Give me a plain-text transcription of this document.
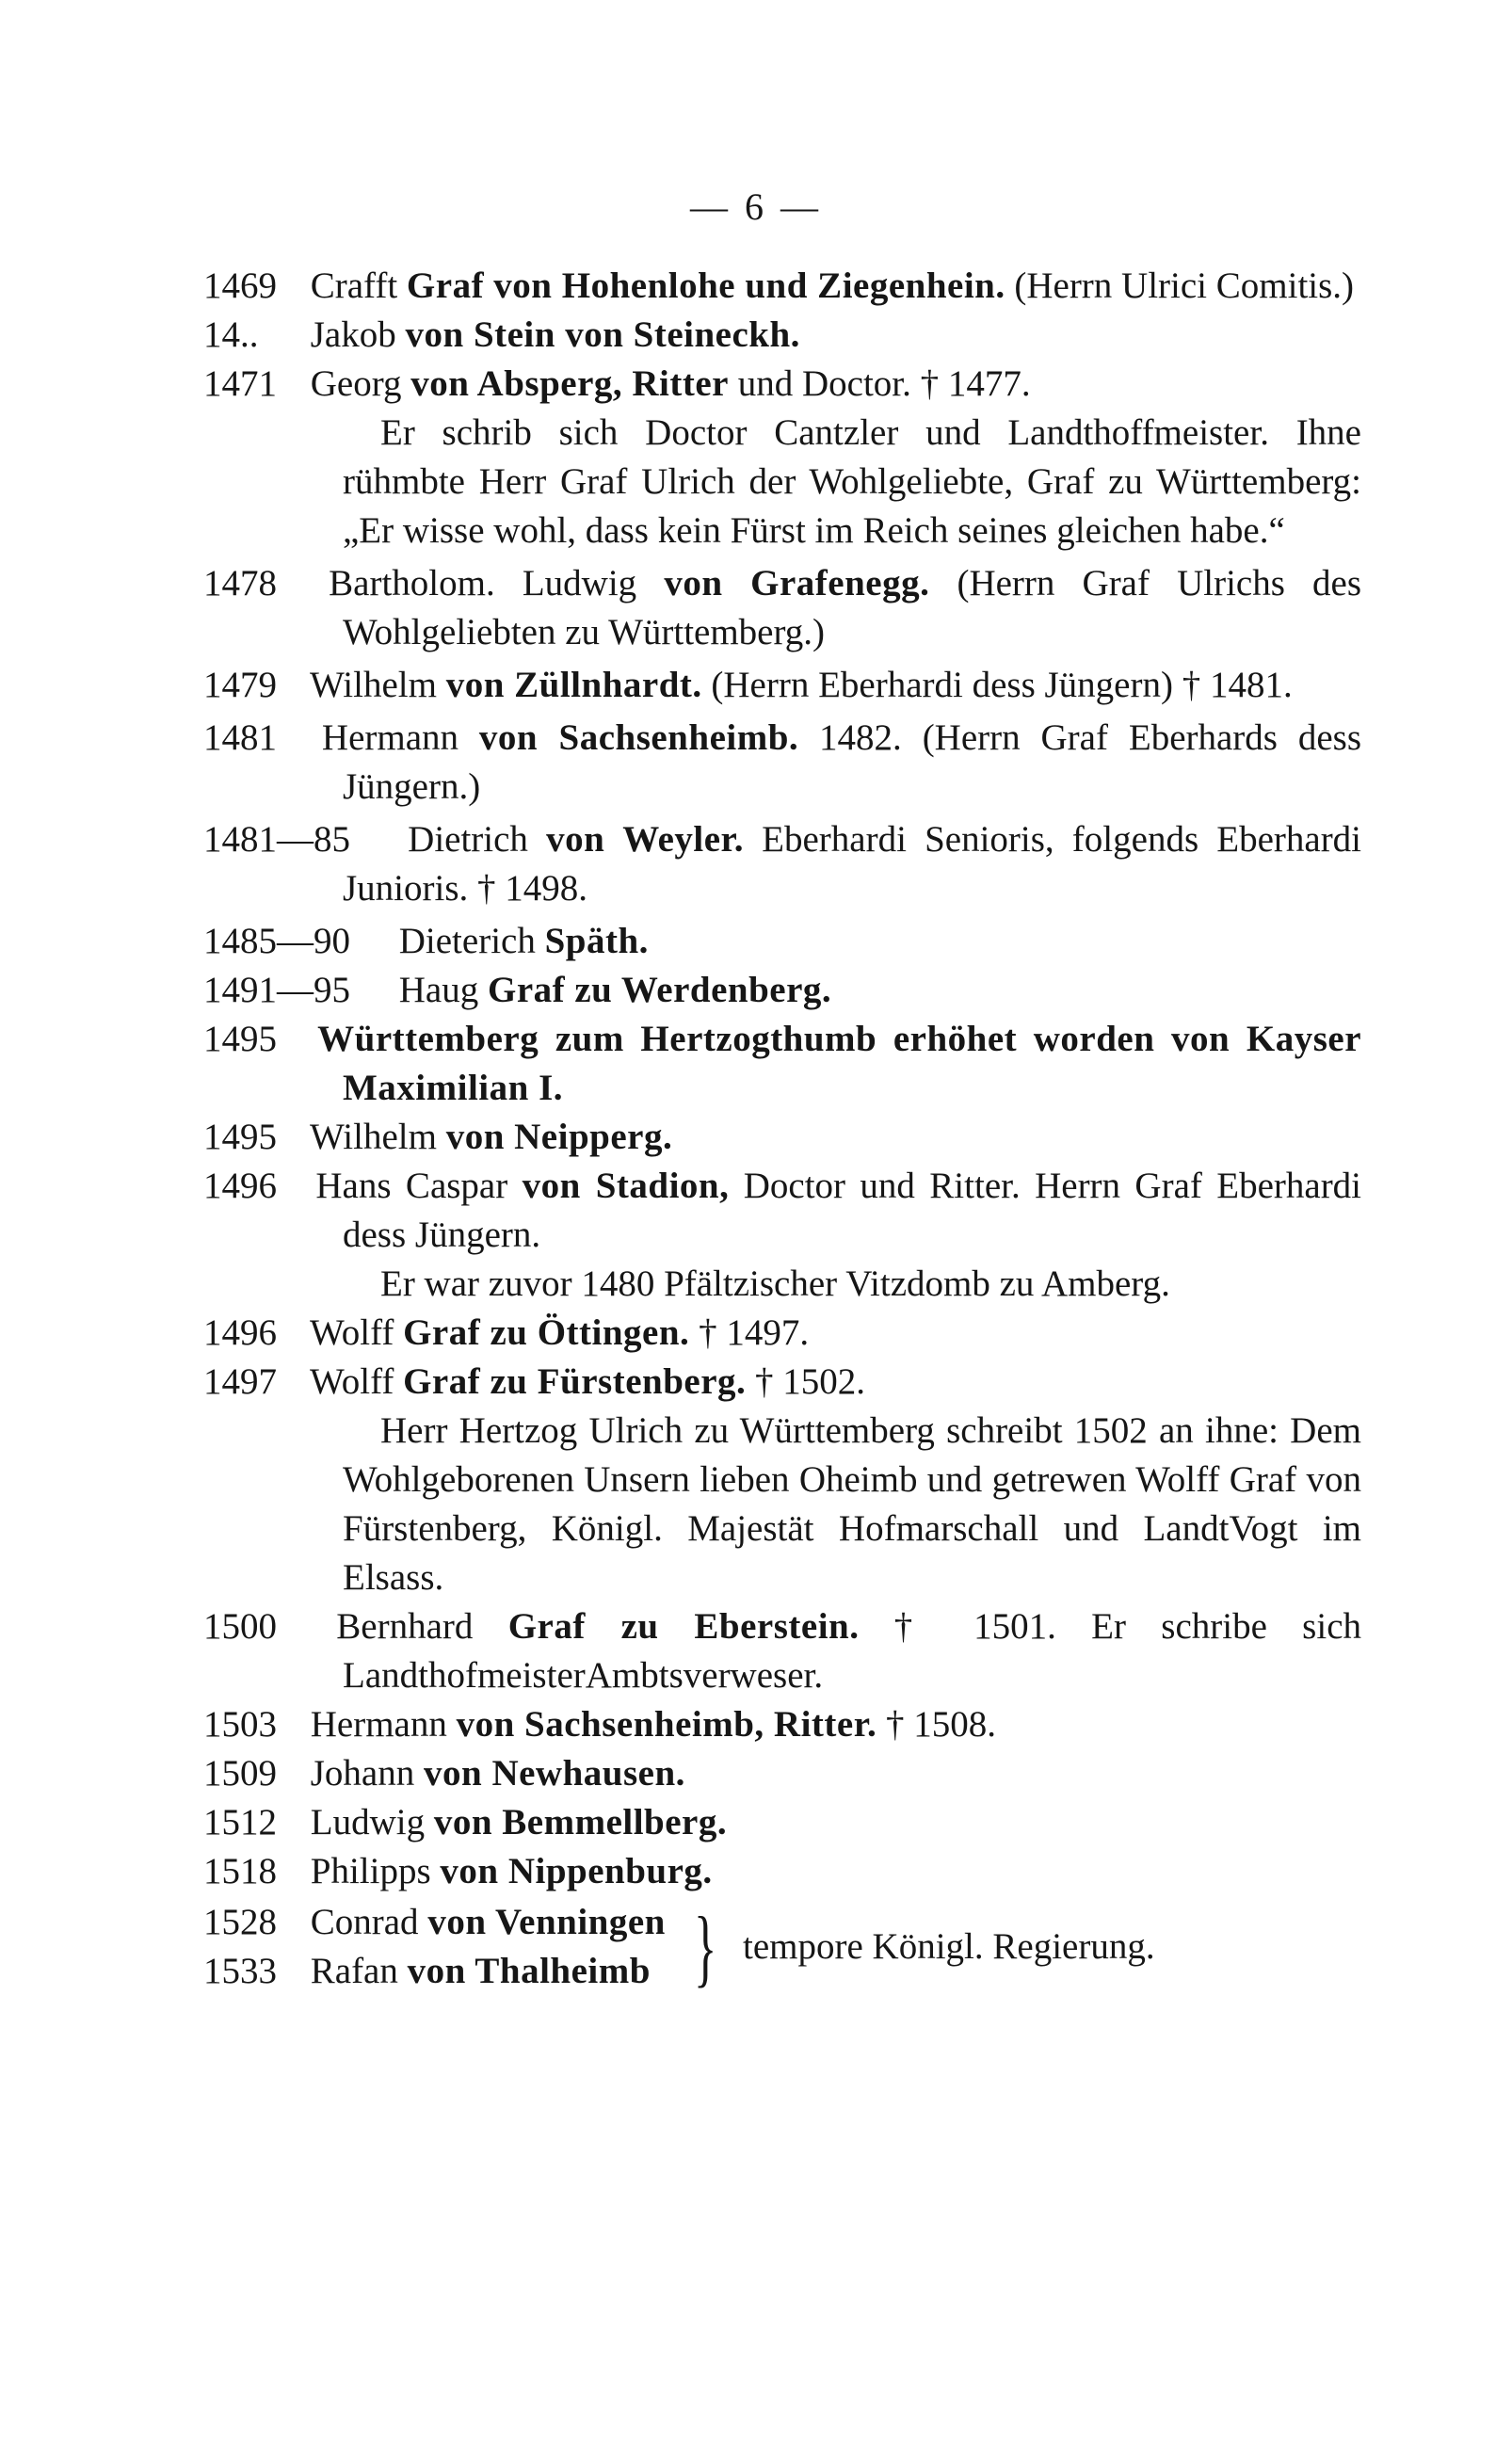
— 6 —
1469 Crafft Graf von Hohenlohe und Ziegenhein. (Herrn Ulrici Comitis.)
14.. Jakob von Stein von Steineckh.
1471 Georg von Absperg, Ritter und Doctor. † 1477.
Er schrib sich Doctor Cantzler und Landthoffmeister. Ihne rühmbte Herr Graf Ulrich der Wohlgeliebte, Graf zu Württemberg: „Er wisse wohl, dass kein Fürst im Reich seines gleichen habe.“
1478 Bartholom. Ludwig von Grafenegg. (Herrn Graf Ulrichs des Wohlgeliebten zu Württemberg.)
1479 Wilhelm von Züllnhardt. (Herrn Eberhardi dess Jüngern) † 1481.
1481 Hermann von Sachsenheimb. 1482. (Herrn Graf Eberhards dess Jüngern.)
1481—85 Dietrich von Weyler. Eberhardi Senioris, folgends Eberhardi Junioris. † 1498.
1485—90 Dieterich Späth.
1491—95 Haug Graf zu Werdenberg.
1495 Württemberg zum Hertzogthumb erhöhet worden von Kayser Maximilian I.
1495 Wilhelm von Neipperg.
1496 Hans Caspar von Stadion, Doctor und Ritter. Herrn Graf Eberhardi dess Jüngern.
Er war zuvor 1480 Pfältzischer Vitzdomb zu Amberg.
1496 Wolff Graf zu Öttingen. † 1497.
1497 Wolff Graf zu Fürstenberg. † 1502.
Herr Hertzog Ulrich zu Württemberg schreibt 1502 an ihne: Dem Wohlgeborenen Unsern lieben Oheimb und getrewen Wolff Graf von Fürstenberg, Königl. Majestät Hofmarschall und LandtVogt im Elsass.
1500 Bernhard Graf zu Eberstein. † 1501. Er schribe sich LandthofmeisterAmbtsverweser.
1503 Hermann von Sachsenheimb, Ritter. † 1508.
1509 Johann von Newhausen.
1512 Ludwig von Bemmellberg.
1518 Philipps von Nippenburg.
1528 Conrad von Venningen
1533 Rafan von Thalheimb } tempore Königl. Regierung.
